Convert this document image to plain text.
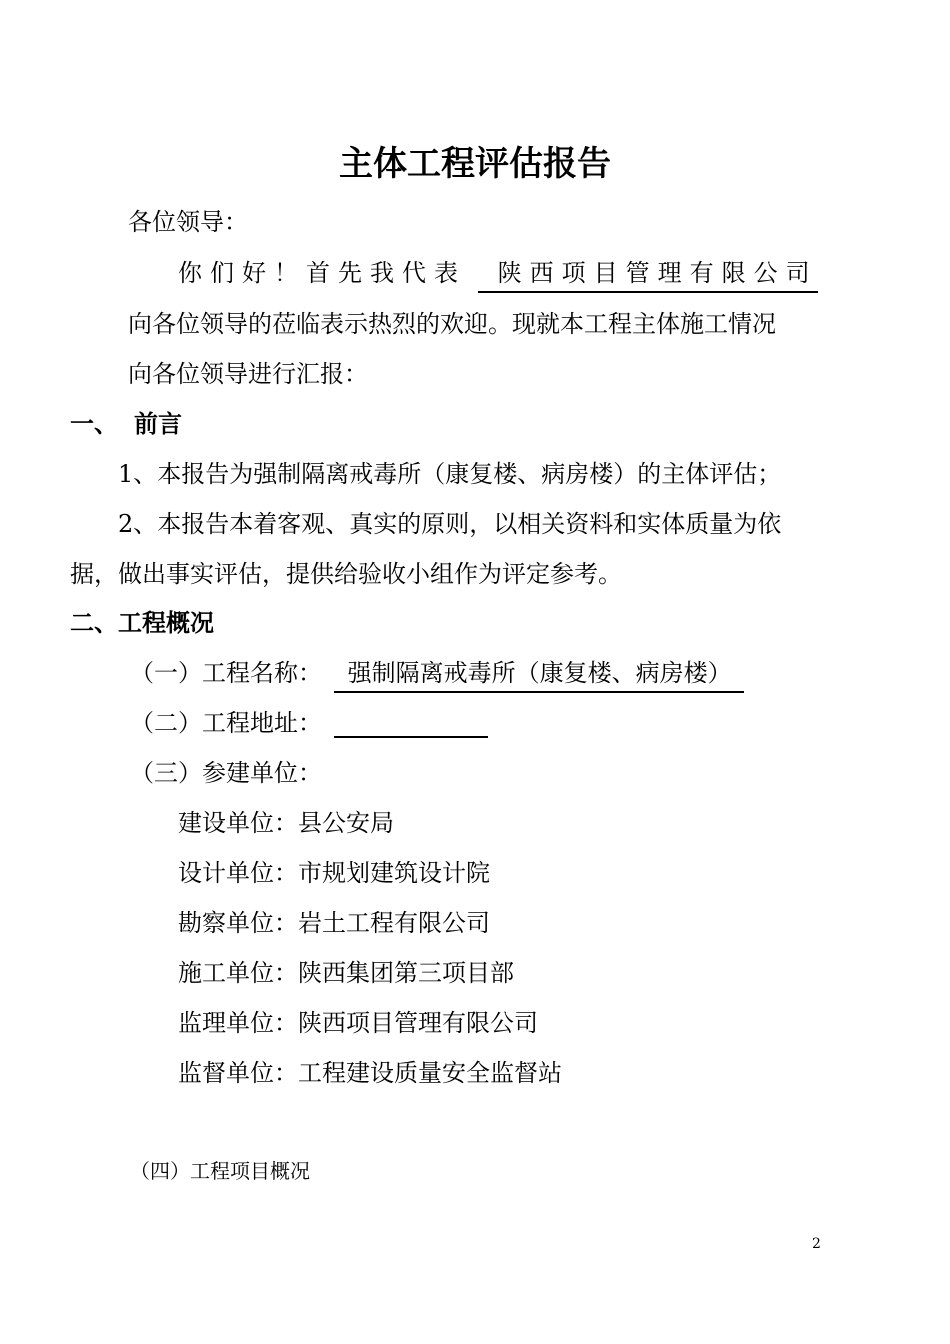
主体工程评估报告
各位领导：
你们好！首先我代表 陕西项目管理有限公司
向各位领导的莅临表示热烈的欢迎。现就本工程主体施工情况
向各位领导进行汇报：
一、 前言
1、本报告为强制隔离戒毒所（康复楼、病房楼）的主体评估；
2、本报告本着客观、真实的原则，以相关资料和实体质量为依
据，做出事实评估，提供给验收小组作为评定参考。
二、工程概况
（一）工程名称： 强制隔离戒毒所（康复楼、病房楼）
（二）工程地址：
（三）参建单位：
建设单位：县公安局
设计单位：市规划建筑设计院
勘察单位：岩土工程有限公司
施工单位：陕西集团第三项目部
监理单位：陕西项目管理有限公司
监督单位：工程建设质量安全监督站
（四）工程项目概况
2
